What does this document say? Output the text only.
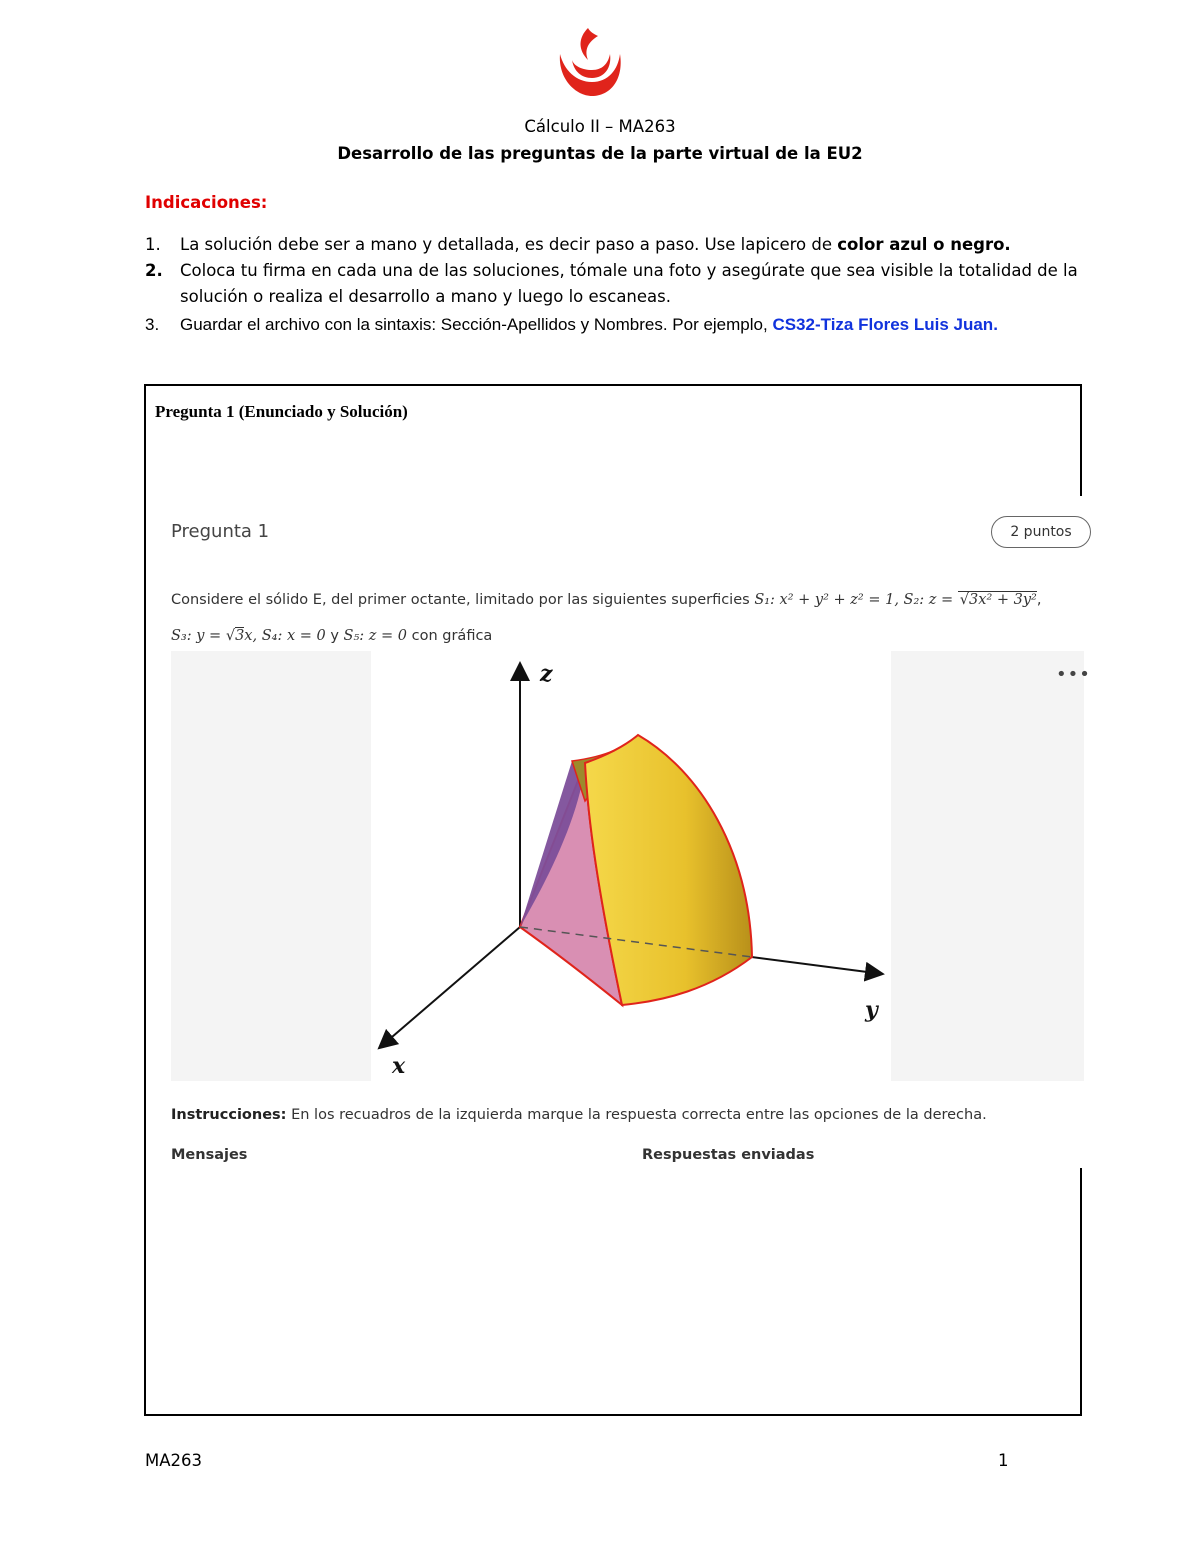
Cálculo II – MA263
Desarrollo de las preguntas de la parte virtual de la EU2
Indicaciones:
1.	La solución debe ser a mano y detallada, es decir paso a paso. Use lapicero de color azul o negro.
2.	Coloca tu firma en cada una de las soluciones, tómale una foto y asegúrate que sea visible la totalidad de la solución o realiza el desarrollo a mano y luego lo escaneas.
3.	Guardar el archivo con la sintaxis: Sección-Apellidos y Nombres. Por ejemplo, CS32-Tiza Flores Luis Juan.
Pregunta 1 (Enunciado y Solución)
Pregunta 1	2 puntos
Considere el sólido E, del primer octante, limitado por las siguientes superficies S₁: x² + y² + z² = 1, S₂: z = √3x² + 3y²,
S₃: y = √3x, S₄: x = 0 y S₅: z = 0 con gráfica
•••
z
y
x
Instrucciones: En los recuadros de la izquierda marque la respuesta correcta entre las opciones de la derecha.
Mensajes	Respuestas enviadas
MA263	1
